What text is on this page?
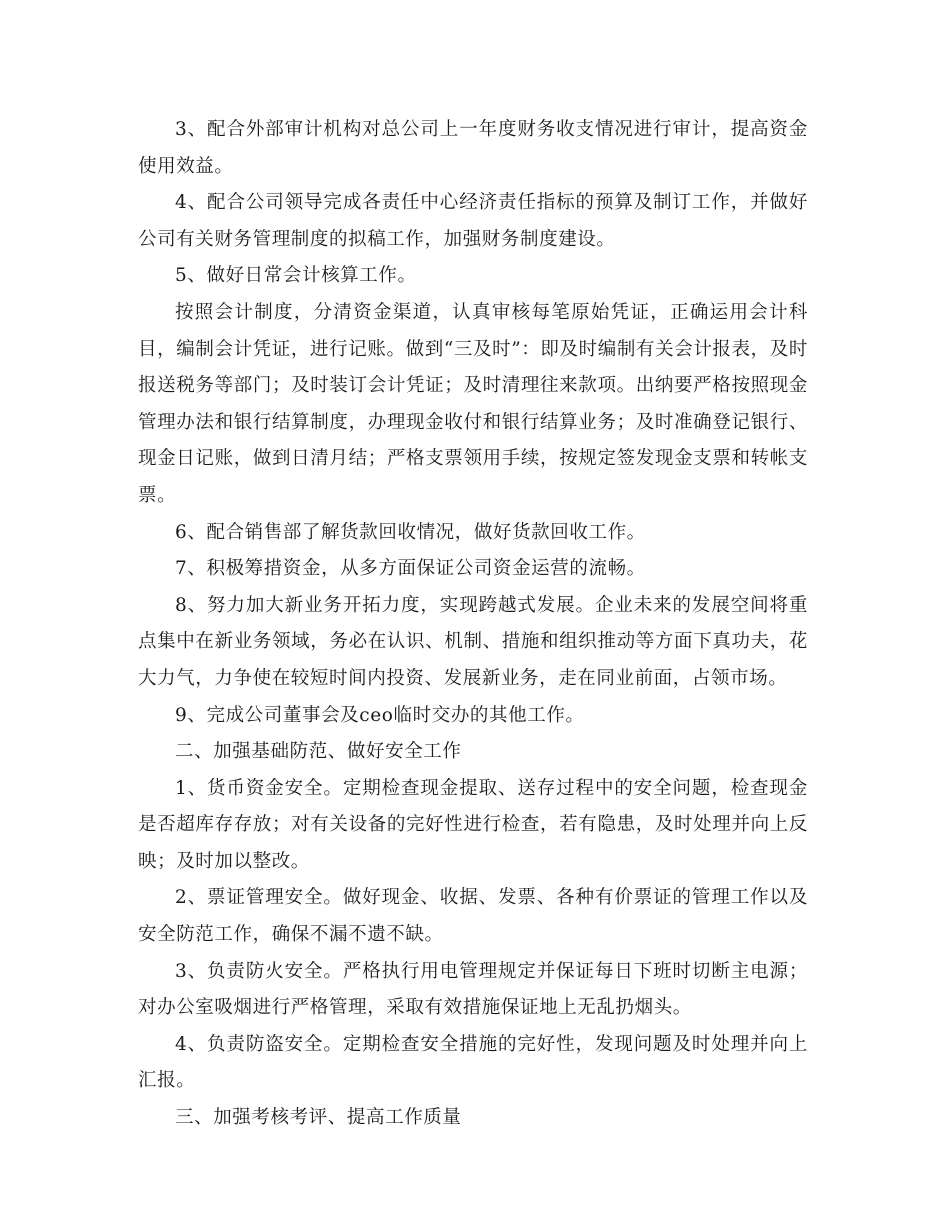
3、配合外部审计机构对总公司上一年度财务收支情况进行审计，提高资金使用效益。

4、配合公司领导完成各责任中心经济责任指标的预算及制订工作，并做好公司有关财务管理制度的拟稿工作，加强财务制度建设。

5、做好日常会计核算工作。

按照会计制度，分清资金渠道，认真审核每笔原始凭证，正确运用会计科目，编制会计凭证，进行记账。做到“三及时”：即及时编制有关会计报表，及时报送税务等部门；及时装订会计凭证；及时清理往来款项。出纳要严格按照现金管理办法和银行结算制度，办理现金收付和银行结算业务；及时准确登记银行、现金日记账，做到日清月结；严格支票领用手续，按规定签发现金支票和转帐支票。

6、配合销售部了解货款回收情况，做好货款回收工作。

7、积极筹措资金，从多方面保证公司资金运营的流畅。

8、努力加大新业务开拓力度，实现跨越式发展。企业未来的发展空间将重点集中在新业务领域，务必在认识、机制、措施和组织推动等方面下真功夫，花大力气，力争使在较短时间内投资、发展新业务，走在同业前面，占领市场。

9、完成公司董事会及ceo临时交办的其他工作。

二、加强基础防范、做好安全工作

1、货币资金安全。定期检查现金提取、送存过程中的安全问题，检查现金是否超库存存放；对有关设备的完好性进行检查，若有隐患，及时处理并向上反映；及时加以整改。

2、票证管理安全。做好现金、收据、发票、各种有价票证的管理工作以及安全防范工作，确保不漏不遗不缺。

3、负责防火安全。严格执行用电管理规定并保证每日下班时切断主电源；对办公室吸烟进行严格管理，采取有效措施保证地上无乱扔烟头。

4、负责防盗安全。定期检查安全措施的完好性，发现问题及时处理并向上汇报。

三、加强考核考评、提高工作质量
